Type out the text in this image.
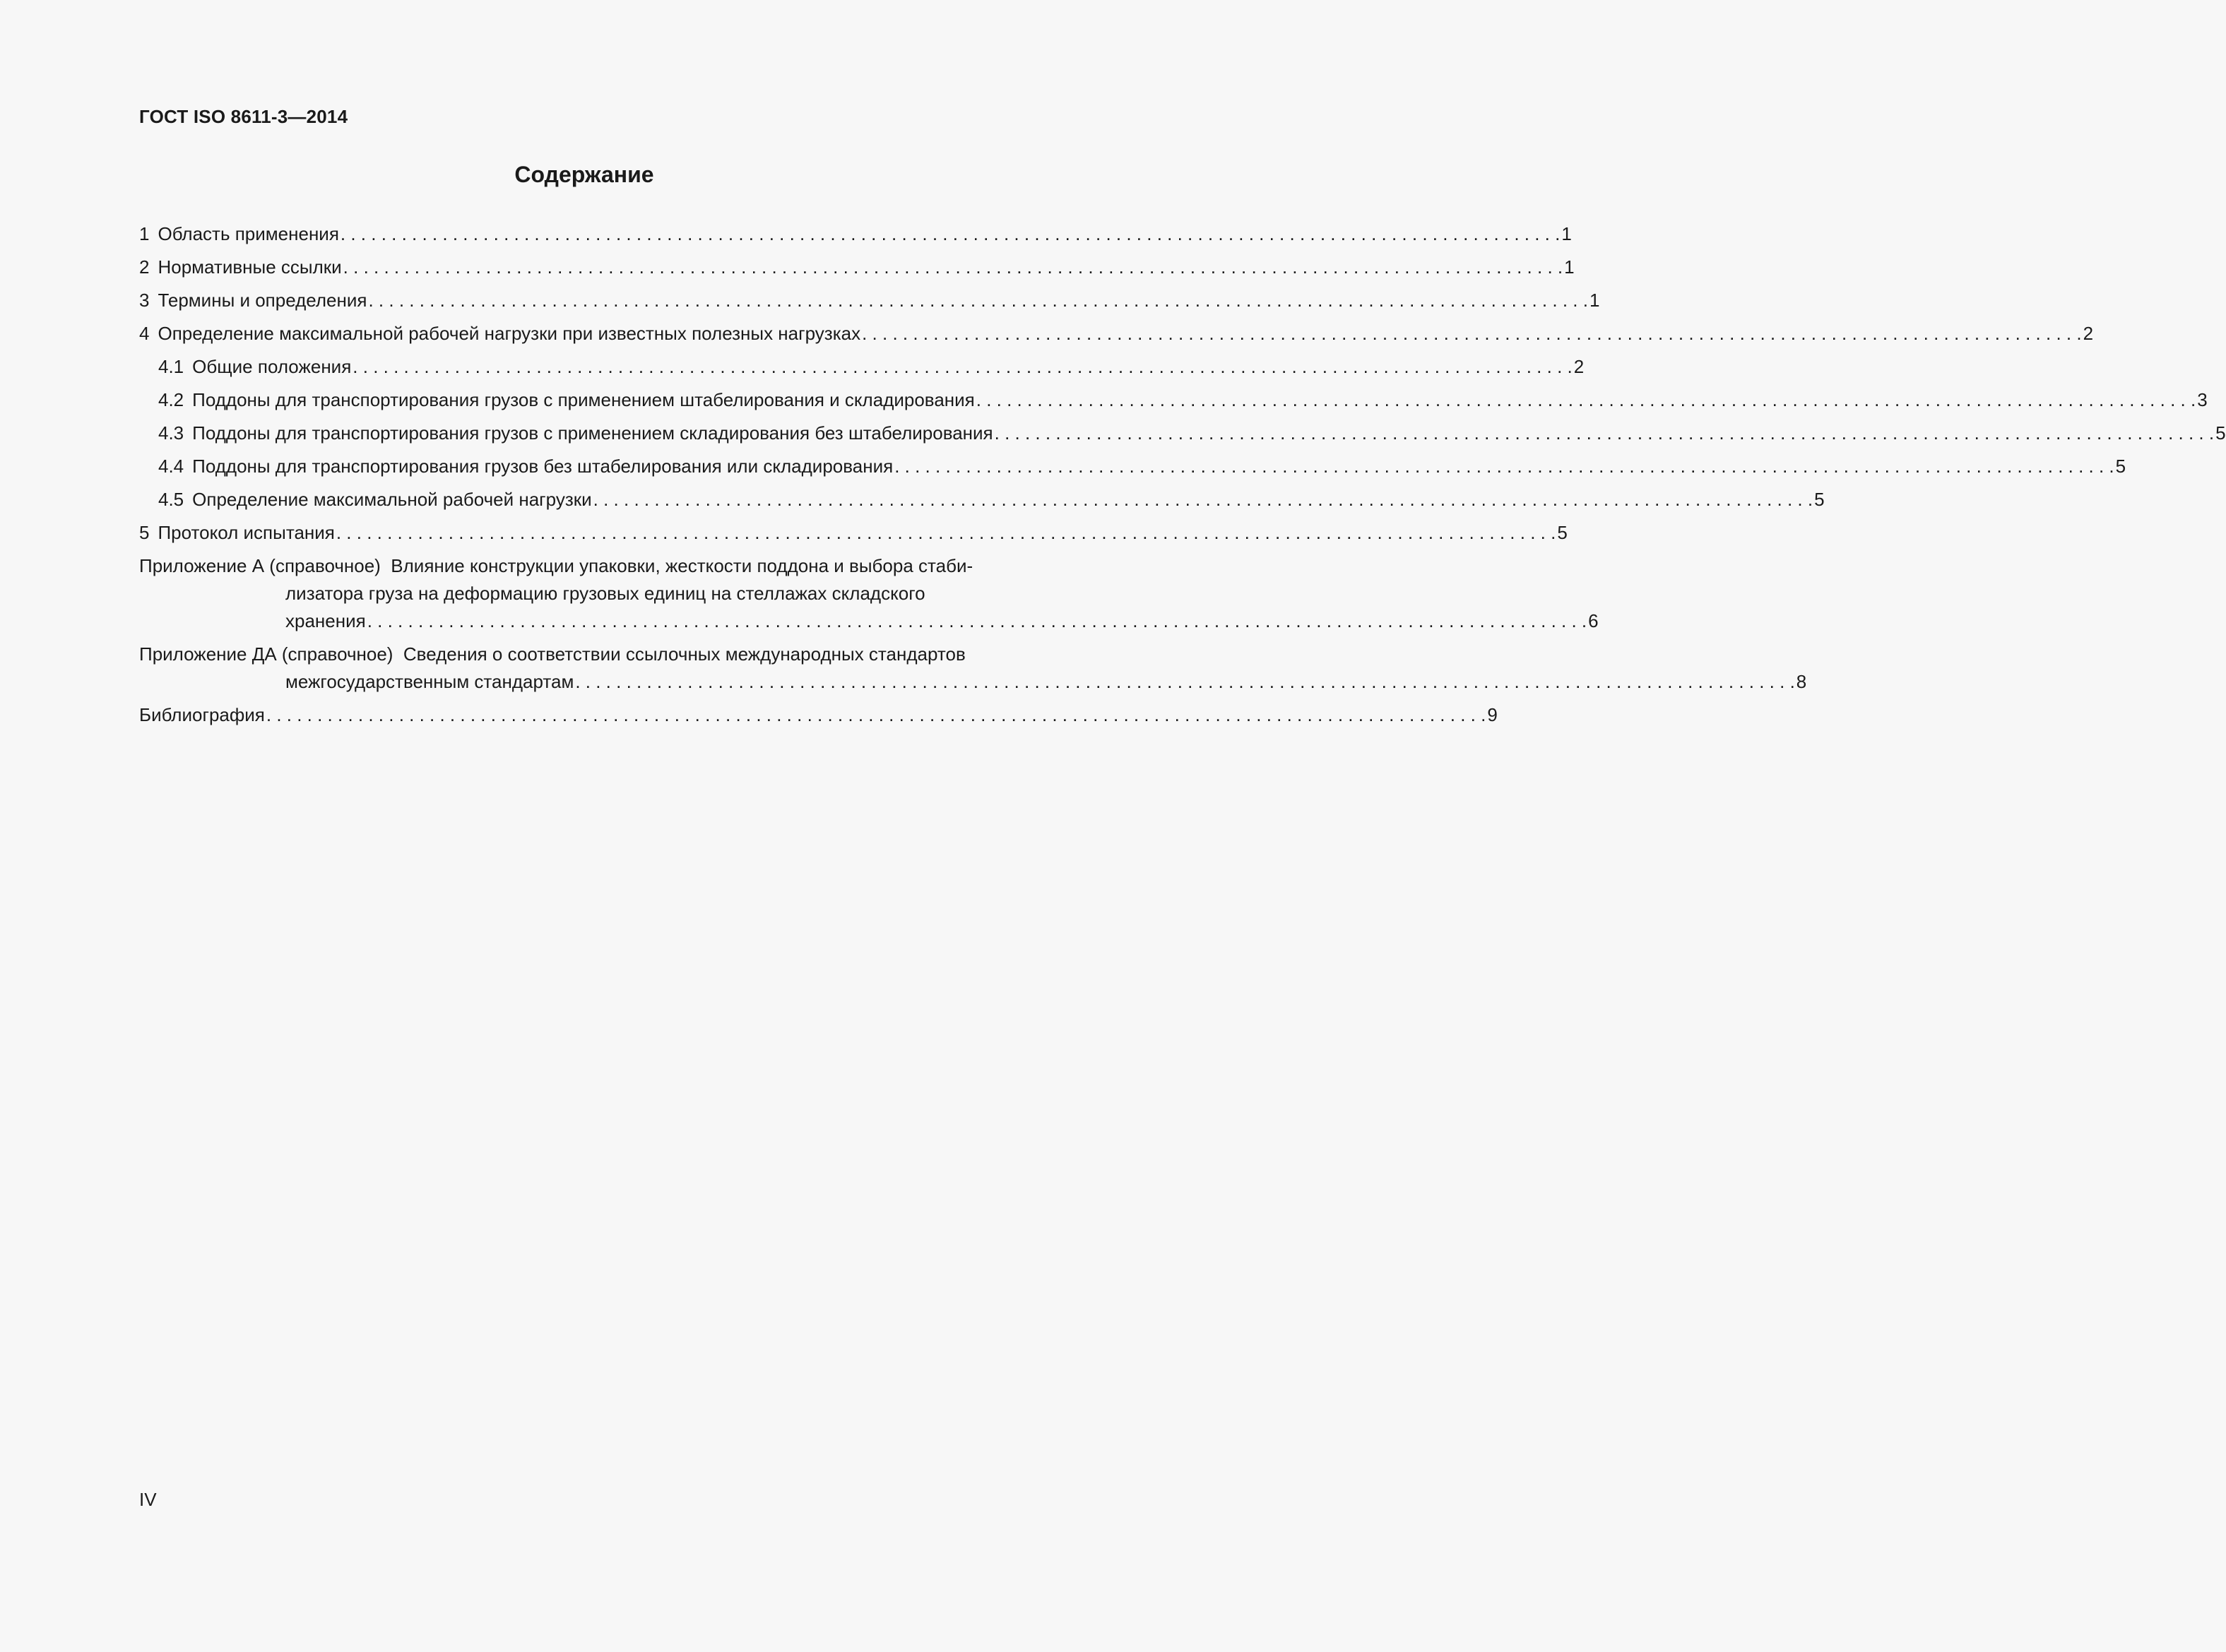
ГОСТ ISO 8611-3—2014
Содержание
1 Область применения . . .	1
2 Нормативные ссылки . . .	1
3 Термины и определения . . .	1
4 Определение максимальной рабочей нагрузки при известных полезных нагрузках . . .	2
4.1 Общие положения . . .	2
4.2 Поддоны для транспортирования грузов с применением штабелирования и складирования . . .	3
4.3 Поддоны для транспортирования грузов с применением складирования без штабелирования . . .	5
4.4 Поддоны для транспортирования грузов без штабелирования или складирования . . .	5
4.5 Определение максимальной рабочей нагрузки . . .	5
5 Протокол испытания . . .	5
Приложение А (справочное) Влияние конструкции упаковки, жесткости поддона и выбора стаби-
лизатора груза на деформацию грузовых единиц на стеллажах складского
хранения . . .	6
Приложение ДА (справочное) Сведения о соответствии ссылочных международных стандартов
межгосударственным стандартам . . .	8
Библиография . . .	9
IV
